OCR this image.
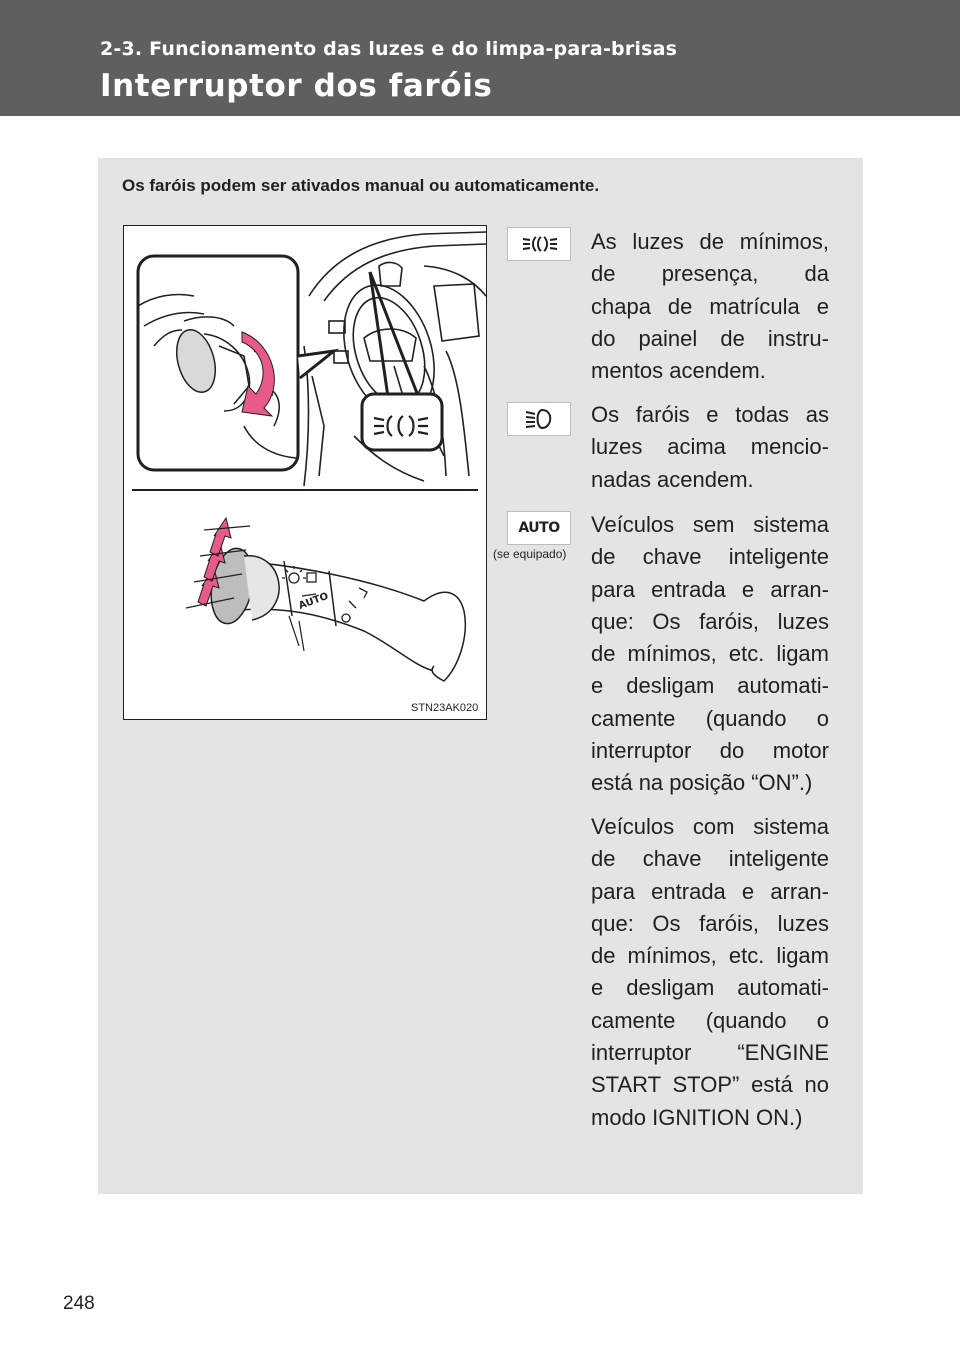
2-3. Funcionamento das luzes e do limpa-para-brisas
Interruptor dos faróis
Os faróis podem ser ativados manual ou automaticamente.
AUTO
STN23AK020
AUTO
(se equipado)
As luzes de mínimos,
de presença, da
chapa de matrícula e
do painel de instru-
mentos acendem.
Os faróis e todas as
luzes acima mencio-
nadas acendem.
Veículos sem sistema
de chave inteligente
para entrada e arran-
que: Os faróis, luzes
de mínimos, etc. ligam
e desligam automati-
camente (quando o
interruptor do motor
está na posição “ON”.)
Veículos com sistema
de chave inteligente
para entrada e arran-
que: Os faróis, luzes
de mínimos, etc. ligam
e desligam automati-
camente (quando o
interruptor “ENGINE
START STOP” está no
modo IGNITION ON.)
248
